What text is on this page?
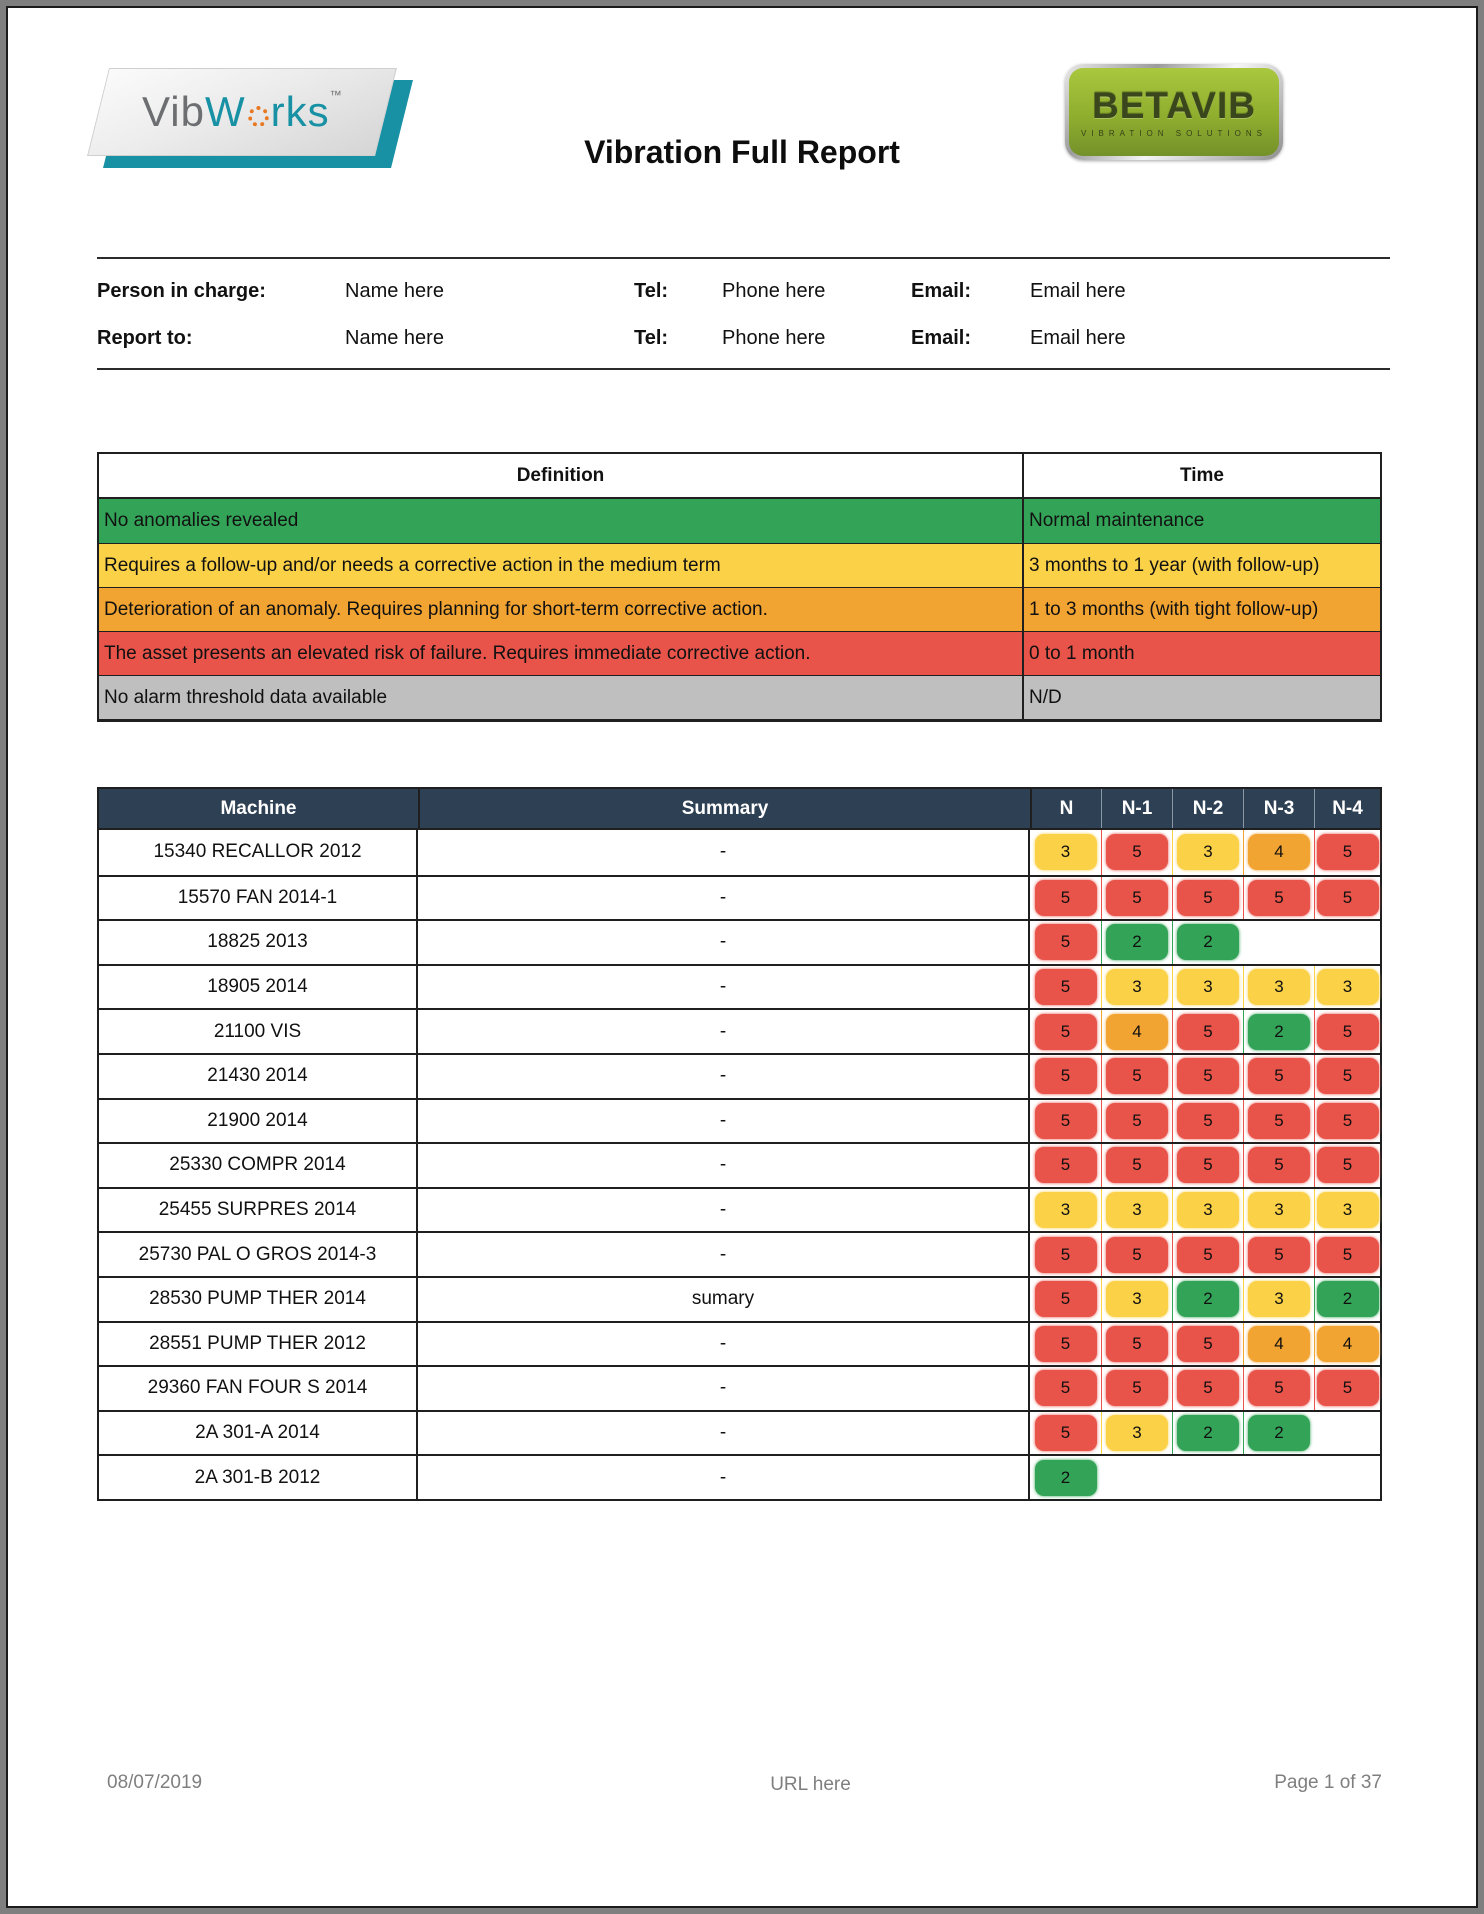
VibW rks™
Vibration Full Report
BETAVIB
VIBRATION SOLUTIONS
Person in charge:	Name here	Tel:	Phone here	Email:	Email here
Report to:	Name here	Tel:	Phone here	Email:	Email here
Definition	Time
No anomalies revealed	Normal maintenance
Requires a follow-up and/or needs a corrective action in the medium term	3 months to 1 year (with follow-up)
Deterioration of an anomaly. Requires planning for short-term corrective action.	1 to 3 months (with tight follow-up)
The asset presents an elevated risk of failure. Requires immediate corrective action.	0 to 1 month
No alarm threshold data available	N/D
Machine	Summary	N	N-1	N-2	N-3	N-4
15340 RECALLOR 2012	-	3	5	3	4	5
15570 FAN 2014-1	-	5	5	5	5	5
18825 2013	-	5	2	2
18905 2014	-	5	3	3	3	3
21100 VIS	-	5	4	5	2	5
21430 2014	-	5	5	5	5	5
21900 2014	-	5	5	5	5	5
25330 COMPR 2014	-	5	5	5	5	5
25455 SURPRES 2014	-	3	3	3	3	3
25730 PAL O GROS 2014-3	-	5	5	5	5	5
28530 PUMP THER 2014	sumary	5	3	2	3	2
28551 PUMP THER 2012	-	5	5	5	4	4
29360 FAN FOUR S 2014	-	5	5	5	5	5
2A 301-A 2014	-	5	3	2	2
2A 301-B 2012	-	2
08/07/2019	URL here	Page 1 of 37
